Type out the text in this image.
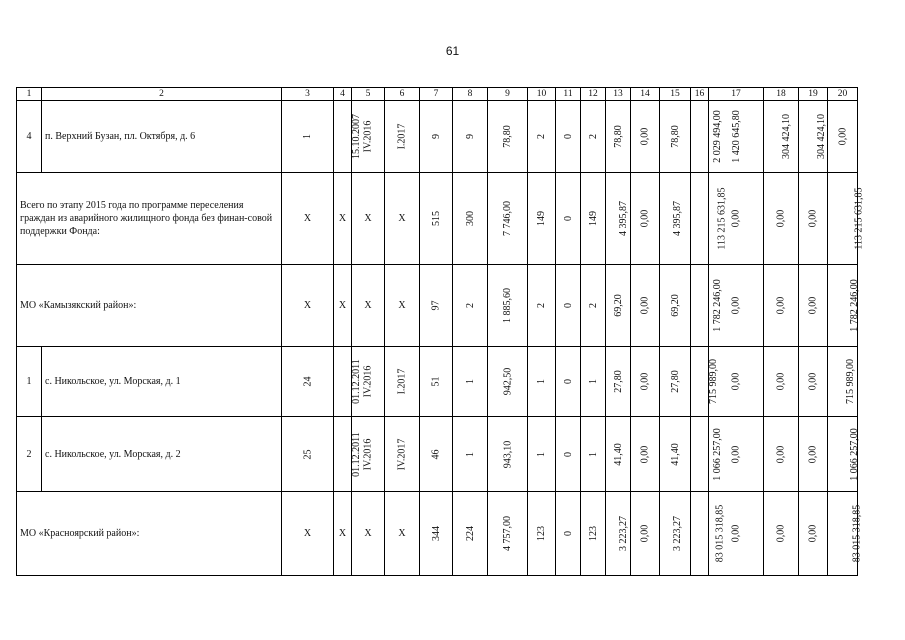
61
1	2	3	4	5	6	7	8	9	10	11	12	13	14	15	16	17	18	19	20
4	п. Верхний Бузан, пл. Октября, д. 6	1	15.10.2007	IV.2016	I.2017	9	9	78,80	2	0	2	78,80	0,00	78,80	2 029 494,00	1 420 645,80	304 424,10	304 424,10	0,00
Всего по этапу 2015 года по программе переселения граждан из аварийного жилищного фонда без финан-совой поддержки Фонда:		Х	Х	Х	Х	515	300	7 746,00	149	0	149	4 395,87	0,00	4 395,87	113 215 631,85	0,00	0,00	0,00	113 215 631,85
МО «Камызякский район»:		Х	Х	Х	Х	97	2	1 885,60	2	0	2	69,20	0,00	69,20	1 782 246,00	0,00	0,00	0,00	1 782 246,00
1	с. Никольское, ул. Морская, д. 1	24	01.12.2011	IV.2016	I.2017	51	1	942,50	1	0	1	27,80	0,00	27,80	715 989,00	0,00	0,00	0,00	715 989,00
2	с. Никольское, ул. Морская, д. 2	25	01.12.2011	IV.2016	IV.2017	46	1	943,10	1	0	1	41,40	0,00	41,40	1 066 257,00	0,00	0,00	0,00	1 066 257,00
МО «Красноярский район»:		Х	Х	Х	Х	344	224	4 757,00	123	0	123	3 223,27	0,00	3 223,27	83 015 318,85	0,00	0,00	0,00	83 015 318,85
